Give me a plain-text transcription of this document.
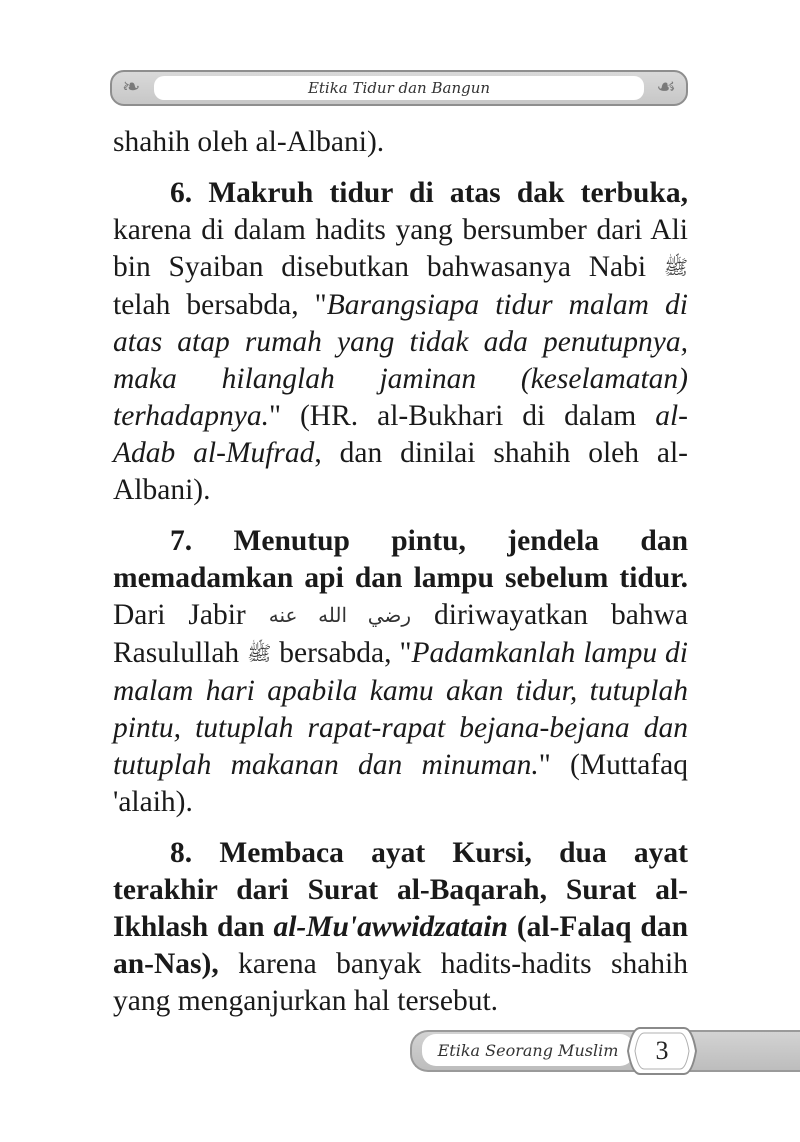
❧	Etika Tidur dan Bangun	☙

shahih oleh al-Albani).

6. Makruh tidur di atas dak terbuka, karena di dalam hadits yang bersumber dari Ali bin Syaiban disebutkan bahwasanya Nabi ﷺ telah bersabda, "Barangsiapa tidur malam di atas atap rumah yang tidak ada penutupnya, maka hilanglah jaminan (keselamatan) terhadapnya." (HR. al-Bukhari di dalam al-Adab al-Mufrad, dan dinilai shahih oleh al-Albani).

7. Menutup pintu, jendela dan memadamkan api dan lampu sebelum tidur. Dari Jabir رضي الله عنه diriwayatkan bahwa Rasulullah ﷺ bersabda, "Padamkanlah lampu di malam hari apabila kamu akan tidur, tutuplah pintu, tutuplah rapat-rapat bejana-bejana dan tutuplah makanan dan minuman." (Muttafaq 'alaih).

8. Membaca ayat Kursi, dua ayat terakhir dari Surat al-Baqarah, Surat al-Ikhlash dan al-Mu'awwidzatain (al-Falaq dan an-Nas), karena banyak hadits-hadits shahih yang menganjurkan hal tersebut.

Etika Seorang Muslim	3
